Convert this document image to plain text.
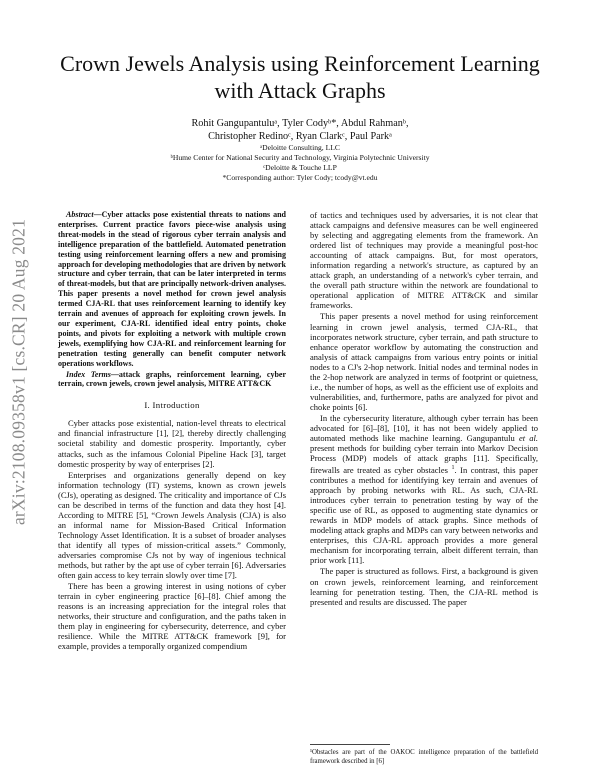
arXiv:2108.09358v1 [cs.CR] 20 Aug 2021
Crown Jewels Analysis using Reinforcement Learning with Attack Graphs
Rohit Gangupantuluᵃ, Tyler Codyᵇ*, Abdul Rahmanᵇ,
Christopher Redinoᶜ, Ryan Clarkᶜ, Paul Parkᵃ
ᵃDeloitte Consulting, LLC
ᵇHume Center for National Security and Technology, Virginia Polytechnic University
ᶜDeloitte & Touche LLP
*Corresponding author: Tyler Cody; tcody@vt.edu

 Abstract—Cyber attacks pose existential threats to nations and enterprises. Current practice favors piece-wise analysis using threat-models in the stead of rigorous cyber terrain analysis and intelligence preparation of the battlefield. Automated penetration testing using reinforcement learning offers a new and promising approach for developing methodologies that are driven by network structure and cyber terrain, that can be later interpreted in terms of threat-models, but that are principally network-driven analyses. This paper presents a novel method for crown jewel analysis termed CJA-RL that uses reinforcement learning to identify key terrain and avenues of approach for exploiting crown jewels. In our experiment, CJA-RL identified ideal entry points, choke points, and pivots for exploiting a network with multiple crown jewels, exemplifying how CJA-RL and reinforcement learning for penetration testing generally can benefit computer network operations workflows.

 Index Terms—attack graphs, reinforcement learning, cyber terrain, crown jewels, crown jewel analysis, MITRE ATT&CK

I. Introduction

Cyber attacks pose existential, nation-level threats to electrical and financial infrastructure [1], [2], thereby directly challenging societal stability and domestic prosperity. Importantly, cyber attacks, such as the infamous Colonial Pipeline Hack [3], target domestic prosperity by way of enterprises [2].

Enterprises and organizations generally depend on key information technology (IT) systems, known as crown jewels (CJs), operating as designed. The criticality and importance of CJs can be described in terms of the function and data they host [4]. According to MITRE [5], “Crown Jewels Analysis (CJA) is also an informal name for Mission-Based Critical Information Technology Asset Identification. It is a subset of broader analyses that identify all types of mission-critical assets.” Commonly, adversaries compromise CJs not by way of ingenious technical methods, but rather by the apt use of cyber terrain [6]. Adversaries often gain access to key terrain slowly over time [7].

There has been a growing interest in using notions of cyber terrain in cyber engineering practice [6]–[8]. Chief among the reasons is an increasing appreciation for the integral roles that networks, their structure and configuration, and the paths taken in them play in engineering for cybersecurity, deterrence, and cyber resilience. While the MITRE ATT&CK framework [9], for example, provides a temporally organized compendium

of tactics and techniques used by adversaries, it is not clear that attack campaigns and defensive measures can be well engineered by selecting and aggregating elements from the framework. An ordered list of techniques may provide a meaningful post-hoc accounting of attack campaigns. But, for most operators, information regarding a network's structure, as captured by an attack graph, an understanding of a network's cyber terrain, and the overall path structure within the network are foundational to operational application of MITRE ATT&CK and similar frameworks.

This paper presents a novel method for using reinforcement learning in crown jewel analysis, termed CJA-RL, that incorporates network structure, cyber terrain, and path structure to enhance operator workflow by automating the construction and analysis of attack campaigns from various entry points or initial nodes to a CJ's 2-hop network. Initial nodes and terminal nodes in the 2-hop network are analyzed in terms of footprint or quietness, i.e., the number of hops, as well as the efficient use of exploits and vulnerabilities, and, furthermore, paths are analyzed for pivot and choke points [6].

In the cybersecurity literature, although cyber terrain has been advocated for [6]–[8], [10], it has not been widely applied to automated methods like machine learning. Gangupantulu et al. present methods for building cyber terrain into Markov Decision Process (MDP) models of attack graphs [11]. Specifically, firewalls are treated as cyber obstacles $^1$. In contrast, this paper contributes a method for identifying key terrain and avenues of approach by probing networks with RL. As such, CJA-RL introduces cyber terrain to penetration testing by way of the specific use of RL, as opposed to augmenting state dynamics or rewards in MDP models of attack graphs. Since methods of modeling attack graphs and MDPs can vary between networks and enterprises, this CJA-RL approach provides a more general mechanism for incorporating terrain, albeit different terrain, than prior work [11].

The paper is structured as follows. First, a background is given on crown jewels, reinforcement learning, and reinforcement learning for penetration testing. Then, the CJA-RL method is presented and results are discussed. The paper

¹Obstacles are part of the OAKOC intelligence preparation of the battlefield framework described in [6]
